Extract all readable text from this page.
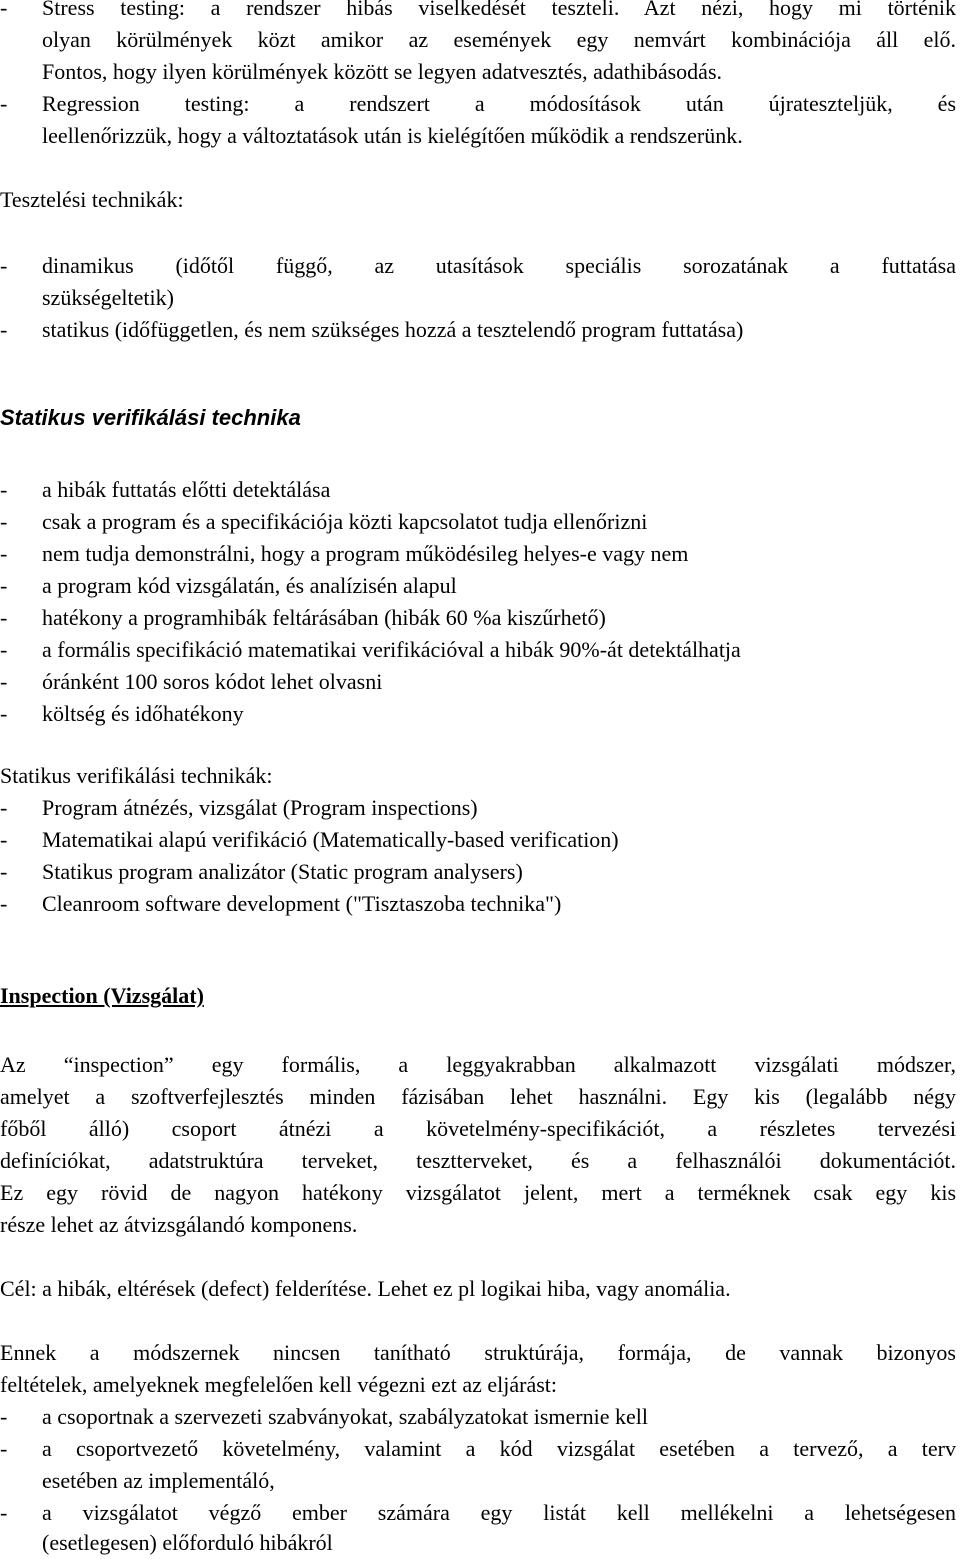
- Stress testing: a rendszer hibás viselkedését teszteli. Azt nézi, hogy mi történik
olyan körülmények közt amikor az események egy nemvárt kombinációja áll elő.
Fontos, hogy ilyen körülmények között se legyen adatvesztés, adathibásodás.
- Regression testing: a rendszert a módosítások után újrateszteljük, és
leellenőrizzük, hogy a változtatások után is kielégítően működik a rendszerünk.
Tesztelési technikák:
- dinamikus (időtől függő, az utasítások speciális sorozatának a futtatása
szükségeltetik)
- statikus (időfüggetlen, és nem szükséges hozzá a tesztelendő program futtatása)
Statikus verifikálási technika
- a hibák futtatás előtti detektálása
- csak a program és a specifikációja közti kapcsolatot tudja ellenőrizni
- nem tudja demonstrálni, hogy a program működésileg helyes-e vagy nem
- a program kód vizsgálatán, és analízisén alapul
- hatékony a programhibák feltárásában (hibák 60 %a kiszűrhető)
- a formális specifikáció matematikai verifikációval a hibák 90%-át detektálhatja
- óránként 100 soros kódot lehet olvasni
- költség és időhatékony
Statikus verifikálási technikák:
- Program átnézés, vizsgálat (Program inspections)
- Matematikai alapú verifikáció (Matematically-based verification)
- Statikus program analizátor (Static program analysers)
- Cleanroom software development ("Tisztaszoba technika")
Inspection (Vizsgálat)
Az “inspection” egy formális, a leggyakrabban alkalmazott vizsgálati módszer,
amelyet a szoftverfejlesztés minden fázisában lehet használni. Egy kis (legalább négy
főből álló) csoport átnézi a követelmény-specifikációt, a részletes tervezési
definíciókat, adatstruktúra terveket, tesztterveket, és a felhasználói dokumentációt.
Ez egy rövid de nagyon hatékony vizsgálatot jelent, mert a terméknek csak egy kis
része lehet az átvizsgálandó komponens.
Cél: a hibák, eltérések (defect) felderítése. Lehet ez pl logikai hiba, vagy anomália.
Ennek a módszernek nincsen tanítható struktúrája, formája, de vannak bizonyos
feltételek, amelyeknek megfelelően kell végezni ezt az eljárást:
- a csoportnak a szervezeti szabványokat, szabályzatokat ismernie kell
- a csoportvezető követelmény, valamint a kód vizsgálat esetében a tervező, a terv
esetében az implementáló,
- a vizsgálatot végző ember számára egy listát kell mellékelni a lehetségesen
(esetlegesen) előforduló hibákról
